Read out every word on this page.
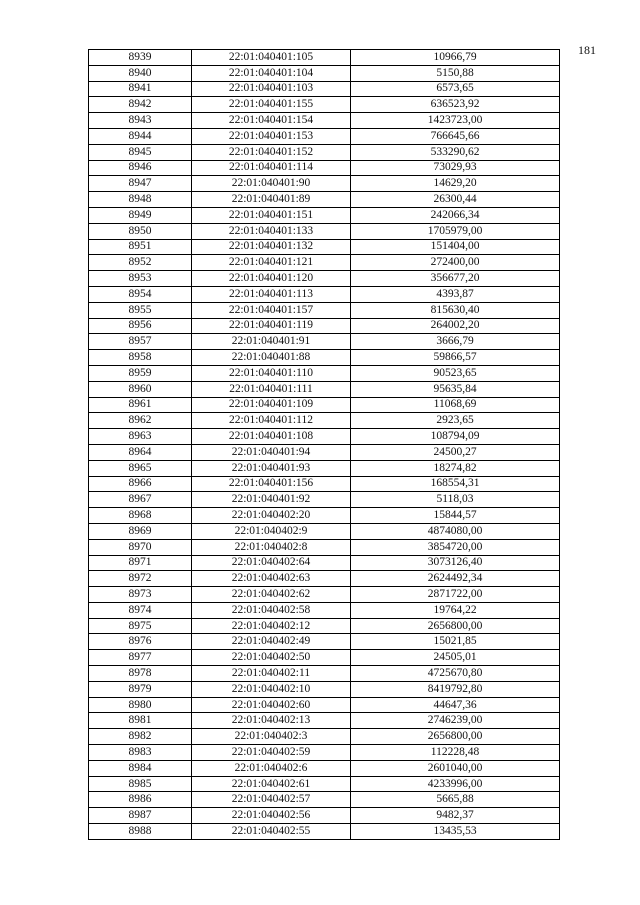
181
8939	22:01:040401:105	10966,79
8940	22:01:040401:104	5150,88
8941	22:01:040401:103	6573,65
8942	22:01:040401:155	636523,92
8943	22:01:040401:154	1423723,00
8944	22:01:040401:153	766645,66
8945	22:01:040401:152	533290,62
8946	22:01:040401:114	73029,93
8947	22:01:040401:90	14629,20
8948	22:01:040401:89	26300,44
8949	22:01:040401:151	242066,34
8950	22:01:040401:133	1705979,00
8951	22:01:040401:132	151404,00
8952	22:01:040401:121	272400,00
8953	22:01:040401:120	356677,20
8954	22:01:040401:113	4393,87
8955	22:01:040401:157	815630,40
8956	22:01:040401:119	264002,20
8957	22:01:040401:91	3666,79
8958	22:01:040401:88	59866,57
8959	22:01:040401:110	90523,65
8960	22:01:040401:111	95635,84
8961	22:01:040401:109	11068,69
8962	22:01:040401:112	2923,65
8963	22:01:040401:108	108794,09
8964	22:01:040401:94	24500,27
8965	22:01:040401:93	18274,82
8966	22:01:040401:156	168554,31
8967	22:01:040401:92	5118,03
8968	22:01:040402:20	15844,57
8969	22:01:040402:9	4874080,00
8970	22:01:040402:8	3854720,00
8971	22:01:040402:64	3073126,40
8972	22:01:040402:63	2624492,34
8973	22:01:040402:62	2871722,00
8974	22:01:040402:58	19764,22
8975	22:01:040402:12	2656800,00
8976	22:01:040402:49	15021,85
8977	22:01:040402:50	24505,01
8978	22:01:040402:11	4725670,80
8979	22:01:040402:10	8419792,80
8980	22:01:040402:60	44647,36
8981	22:01:040402:13	2746239,00
8982	22:01:040402:3	2656800,00
8983	22:01:040402:59	112228,48
8984	22:01:040402:6	2601040,00
8985	22:01:040402:61	4233996,00
8986	22:01:040402:57	5665,88
8987	22:01:040402:56	9482,37
8988	22:01:040402:55	13435,53
